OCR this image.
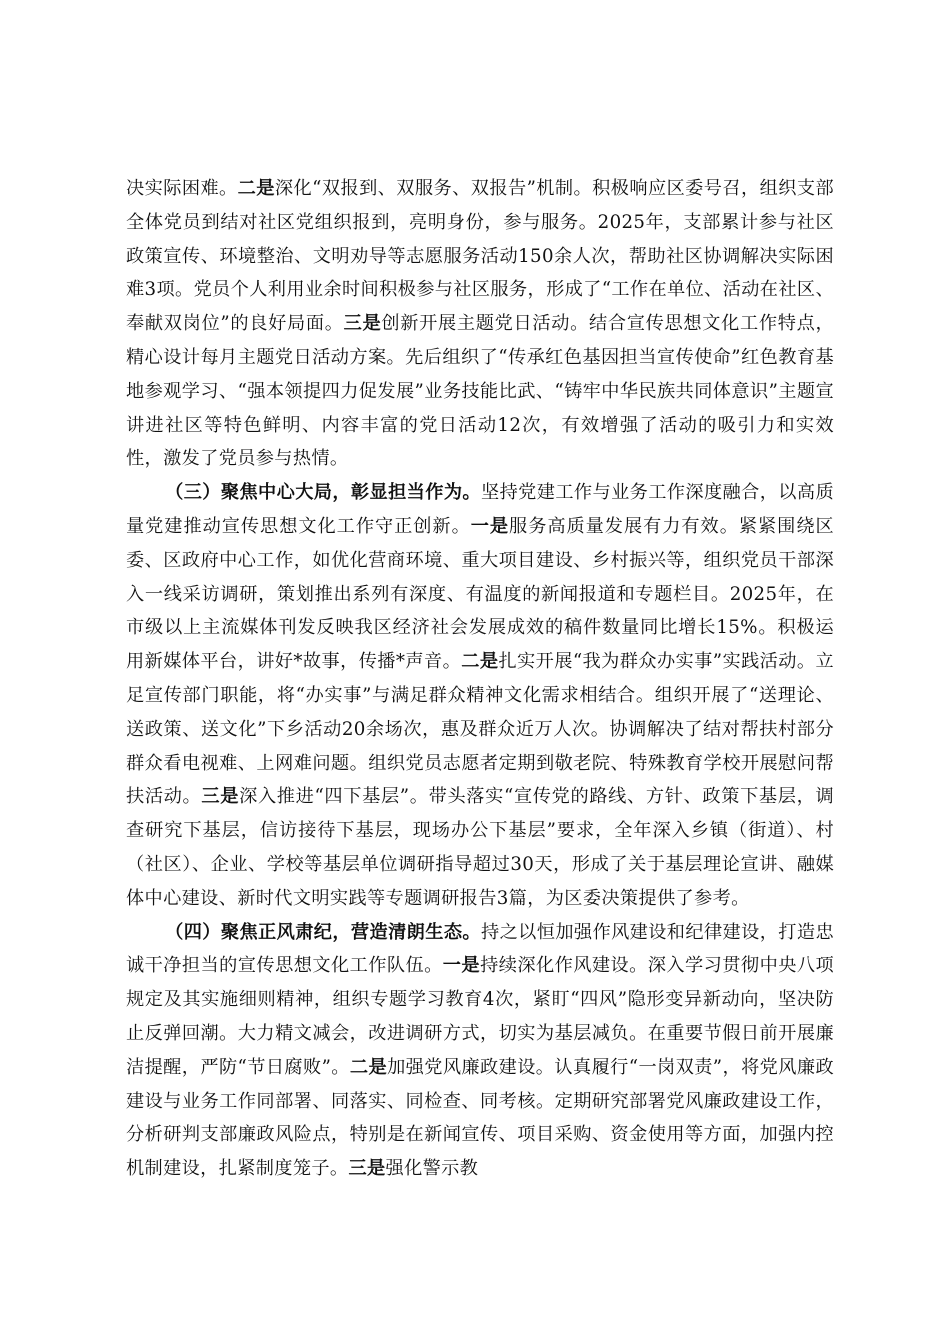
决实际困难。二是深化“双报到、双服务、双报告”机制。积极响应区委号召，组织支部全体党员到结对社区党组织报到，亮明身份，参与服务。2025年，支部累计参与社区政策宣传、环境整治、文明劝导等志愿服务活动150余人次，帮助社区协调解决实际困难3项。党员个人利用业余时间积极参与社区服务，形成了“工作在单位、活动在社区、奉献双岗位”的良好局面。三是创新开展主题党日活动。结合宣传思想文化工作特点，精心设计每月主题党日活动方案。先后组织了“传承红色基因担当宣传使命”红色教育基地参观学习、“强本领提四力促发展”业务技能比武、“铸牢中华民族共同体意识”主题宣讲进社区等特色鲜明、内容丰富的党日活动12次，有效增强了活动的吸引力和实效性，激发了党员参与热情。

（三）聚焦中心大局，彰显担当作为。坚持党建工作与业务工作深度融合，以高质量党建推动宣传思想文化工作守正创新。一是服务高质量发展有力有效。紧紧围绕区委、区政府中心工作，如优化营商环境、重大项目建设、乡村振兴等，组织党员干部深入一线采访调研，策划推出系列有深度、有温度的新闻报道和专题栏目。2025年，在市级以上主流媒体刊发反映我区经济社会发展成效的稿件数量同比增长15%。积极运用新媒体平台，讲好*故事，传播*声音。二是扎实开展“我为群众办实事”实践活动。立足宣传部门职能，将“办实事”与满足群众精神文化需求相结合。组织开展了“送理论、送政策、送文化”下乡活动20余场次，惠及群众近万人次。协调解决了结对帮扶村部分群众看电视难、上网难问题。组织党员志愿者定期到敬老院、特殊教育学校开展慰问帮扶活动。三是深入推进“四下基层”。带头落实“宣传党的路线、方针、政策下基层，调查研究下基层，信访接待下基层，现场办公下基层”要求，全年深入乡镇（街道）、村（社区）、企业、学校等基层单位调研指导超过30天，形成了关于基层理论宣讲、融媒体中心建设、新时代文明实践等专题调研报告3篇，为区委决策提供了参考。

（四）聚焦正风肃纪，营造清朗生态。持之以恒加强作风建设和纪律建设，打造忠诚干净担当的宣传思想文化工作队伍。一是持续深化作风建设。深入学习贯彻中央八项规定及其实施细则精神，组织专题学习教育4次，紧盯“四风”隐形变异新动向，坚决防止反弹回潮。大力精文减会，改进调研方式，切实为基层减负。在重要节假日前开展廉洁提醒，严防“节日腐败”。二是加强党风廉政建设。认真履行“一岗双责”，将党风廉政建设与业务工作同部署、同落实、同检查、同考核。定期研究部署党风廉政建设工作，分析研判支部廉政风险点，特别是在新闻宣传、项目采购、资金使用等方面，加强内控机制建设，扎紧制度笼子。三是强化警示教
